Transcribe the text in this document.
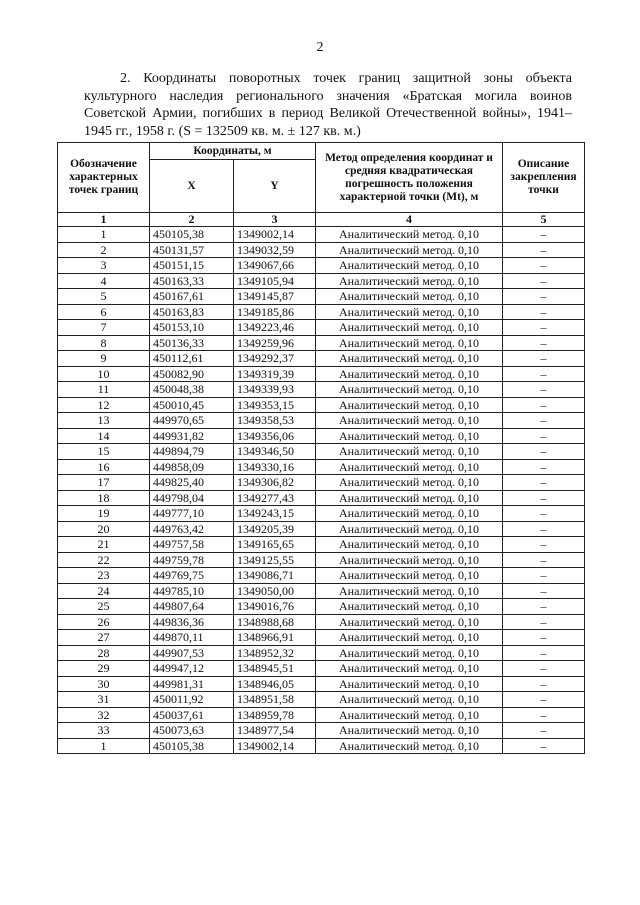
2

2. Координаты поворотных точек границ защитной зоны объекта культурного наследия регионального значения «Братская могила воинов Советской Армии, погибших в период Великой Отечественной войны», 1941–1945 гг., 1958 г. (S = 132509 кв. м. ± 127 кв. м.)

Обозначение характерных точек границ	Координаты, м		Метод определения координат и средняя квадратическая погрешность положения характерной точки (Mt), м	Описание закрепления точки
	X	Y		
1	2	3	4	5
1	450105,38	1349002,14	Аналитический метод. 0,10	–
2	450131,57	1349032,59	Аналитический метод. 0,10	–
3	450151,15	1349067,66	Аналитический метод. 0,10	–
4	450163,33	1349105,94	Аналитический метод. 0,10	–
5	450167,61	1349145,87	Аналитический метод. 0,10	–
6	450163,83	1349185,86	Аналитический метод. 0,10	–
7	450153,10	1349223,46	Аналитический метод. 0,10	–
8	450136,33	1349259,96	Аналитический метод. 0,10	–
9	450112,61	1349292,37	Аналитический метод. 0,10	–
10	450082,90	1349319,39	Аналитический метод. 0,10	–
11	450048,38	1349339,93	Аналитический метод. 0,10	–
12	450010,45	1349353,15	Аналитический метод. 0,10	–
13	449970,65	1349358,53	Аналитический метод. 0,10	–
14	449931,82	1349356,06	Аналитический метод. 0,10	–
15	449894,79	1349346,50	Аналитический метод. 0,10	–
16	449858,09	1349330,16	Аналитический метод. 0,10	–
17	449825,40	1349306,82	Аналитический метод. 0,10	–
18	449798,04	1349277,43	Аналитический метод. 0,10	–
19	449777,10	1349243,15	Аналитический метод. 0,10	–
20	449763,42	1349205,39	Аналитический метод. 0,10	–
21	449757,58	1349165,65	Аналитический метод. 0,10	–
22	449759,78	1349125,55	Аналитический метод. 0,10	–
23	449769,75	1349086,71	Аналитический метод. 0,10	–
24	449785,10	1349050,00	Аналитический метод. 0,10	–
25	449807,64	1349016,76	Аналитический метод. 0,10	–
26	449836,36	1348988,68	Аналитический метод. 0,10	–
27	449870,11	1348966,91	Аналитический метод. 0,10	–
28	449907,53	1348952,32	Аналитический метод. 0,10	–
29	449947,12	1348945,51	Аналитический метод. 0,10	–
30	449981,31	1348946,05	Аналитический метод. 0,10	–
31	450011,92	1348951,58	Аналитический метод. 0,10	–
32	450037,61	1348959,78	Аналитический метод. 0,10	–
33	450073,63	1348977,54	Аналитический метод. 0,10	–
1	450105,38	1349002,14	Аналитический метод. 0,10	–
